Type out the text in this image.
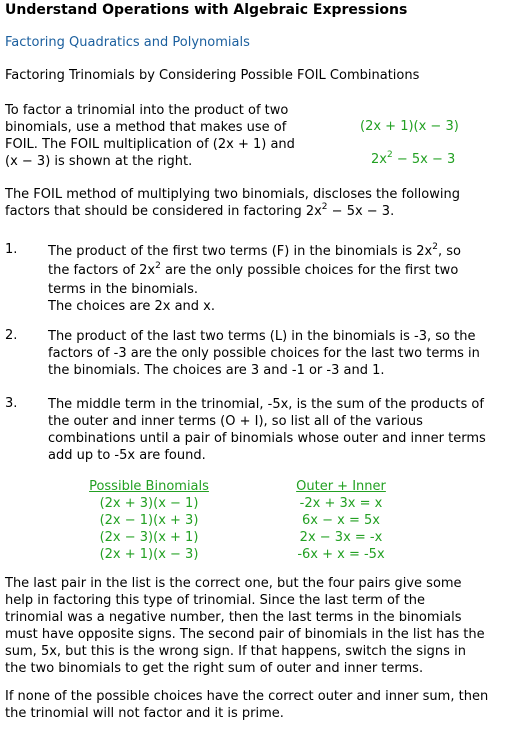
Understand Operations with Algebraic Expressions
Factoring Quadratics and Polynomials
Factoring Trinomials by Considering Possible FOIL Combinations
To factor a trinomial into the product of two
binomials, use a method that makes use of
FOIL. The FOIL multiplication of (2x + 1) and
(x − 3) is shown at the right.
(2x + 1)(x − 3)
$2x^2 - 5x - 3$
The FOIL method of multiplying two binomials, discloses the following
factors that should be considered in factoring $2x^2 - 5x - 3$.
1. The product of the first two terms (F) in the binomials is $2x^2$, so
the factors of $2x^2$ are the only possible choices for the first two
terms in the binomials.
The choices are 2x and x.
2. The product of the last two terms (L) in the binomials is -3, so the
factors of -3 are the only possible choices for the last two terms in
the binomials. The choices are 3 and -1 or -3 and 1.
3. The middle term in the trinomial, -5x, is the sum of the products of
the outer and inner terms (O + I), so list all of the various
combinations until a pair of binomials whose outer and inner terms
add up to -5x are found.
Possible Binomials
(2x + 3)(x − 1)
(2x − 1)(x + 3)
(2x − 3)(x + 1)
(2x + 1)(x − 3)
Outer + Inner
-2x + 3x = x
6x − x = 5x
2x − 3x = -x
-6x + x = -5x
The last pair in the list is the correct one, but the four pairs give some
help in factoring this type of trinomial. Since the last term of the
trinomial was a negative number, then the last terms in the binomials
must have opposite signs. The second pair of binomials in the list has the
sum, 5x, but this is the wrong sign. If that happens, switch the signs in
the two binomials to get the right sum of outer and inner terms.
If none of the possible choices have the correct outer and inner sum, then
the trinomial will not factor and it is prime.
